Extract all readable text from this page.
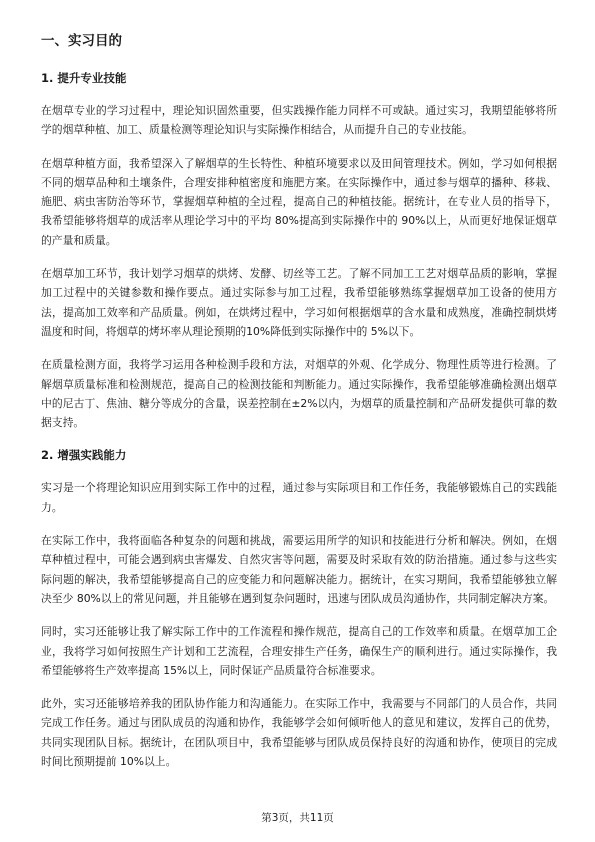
一、实习目的
1. 提升专业技能

在烟草专业的学习过程中，理论知识固然重要，但实践操作能力同样不可或缺。通过实习，我期望能够将所学的烟草种植、加工、质量检测等理论知识与实际操作相结合，从而提升自己的专业技能。

在烟草种植方面，我希望深入了解烟草的生长特性、种植环境要求以及田间管理技术。例如，学习如何根据不同的烟草品种和土壤条件，合理安排种植密度和施肥方案。在实际操作中，通过参与烟草的播种、移栽、施肥、病虫害防治等环节，掌握烟草种植的全过程，提高自己的种植技能。据统计，在专业人员的指导下，我希望能够将烟草的成活率从理论学习中的平均 80%提高到实际操作中的 90%以上，从而更好地保证烟草的产量和质量。

在烟草加工环节，我计划学习烟草的烘烤、发酵、切丝等工艺。了解不同加工工艺对烟草品质的影响，掌握加工过程中的关键参数和操作要点。通过实际参与加工过程，我希望能够熟练掌握烟草加工设备的使用方法，提高加工效率和产品质量。例如，在烘烤过程中，学习如何根据烟草的含水量和成熟度，准确控制烘烤温度和时间，将烟草的烤坏率从理论预期的10%降低到实际操作中的 5%以下。

在质量检测方面，我将学习运用各种检测手段和方法，对烟草的外观、化学成分、物理性质等进行检测。了解烟草质量标准和检测规范，提高自己的检测技能和判断能力。通过实际操作，我希望能够准确检测出烟草中的尼古丁、焦油、糖分等成分的含量，误差控制在±2%以内，为烟草的质量控制和产品研发提供可靠的数据支持。

2. 增强实践能力

实习是一个将理论知识应用到实际工作中的过程，通过参与实际项目和工作任务，我能够锻炼自己的实践能力。

在实际工作中，我将面临各种复杂的问题和挑战，需要运用所学的知识和技能进行分析和解决。例如，在烟草种植过程中，可能会遇到病虫害爆发、自然灾害等问题，需要及时采取有效的防治措施。通过参与这些实际问题的解决，我希望能够提高自己的应变能力和问题解决能力。据统计，在实习期间，我希望能够独立解决至少 80%以上的常见问题，并且能够在遇到复杂问题时，迅速与团队成员沟通协作，共同制定解决方案。

同时，实习还能够让我了解实际工作中的工作流程和操作规范，提高自己的工作效率和质量。在烟草加工企业，我将学习如何按照生产计划和工艺流程，合理安排生产任务，确保生产的顺利进行。通过实际操作，我希望能够将生产效率提高 15%以上，同时保证产品质量符合标准要求。

此外，实习还能够培养我的团队协作能力和沟通能力。在实际工作中，我需要与不同部门的人员合作，共同完成工作任务。通过与团队成员的沟通和协作，我能够学会如何倾听他人的意见和建议，发挥自己的优势，共同实现团队目标。据统计，在团队项目中，我希望能够与团队成员保持良好的沟通和协作，使项目的完成时间比预期提前 10%以上。

第3页，共11页
